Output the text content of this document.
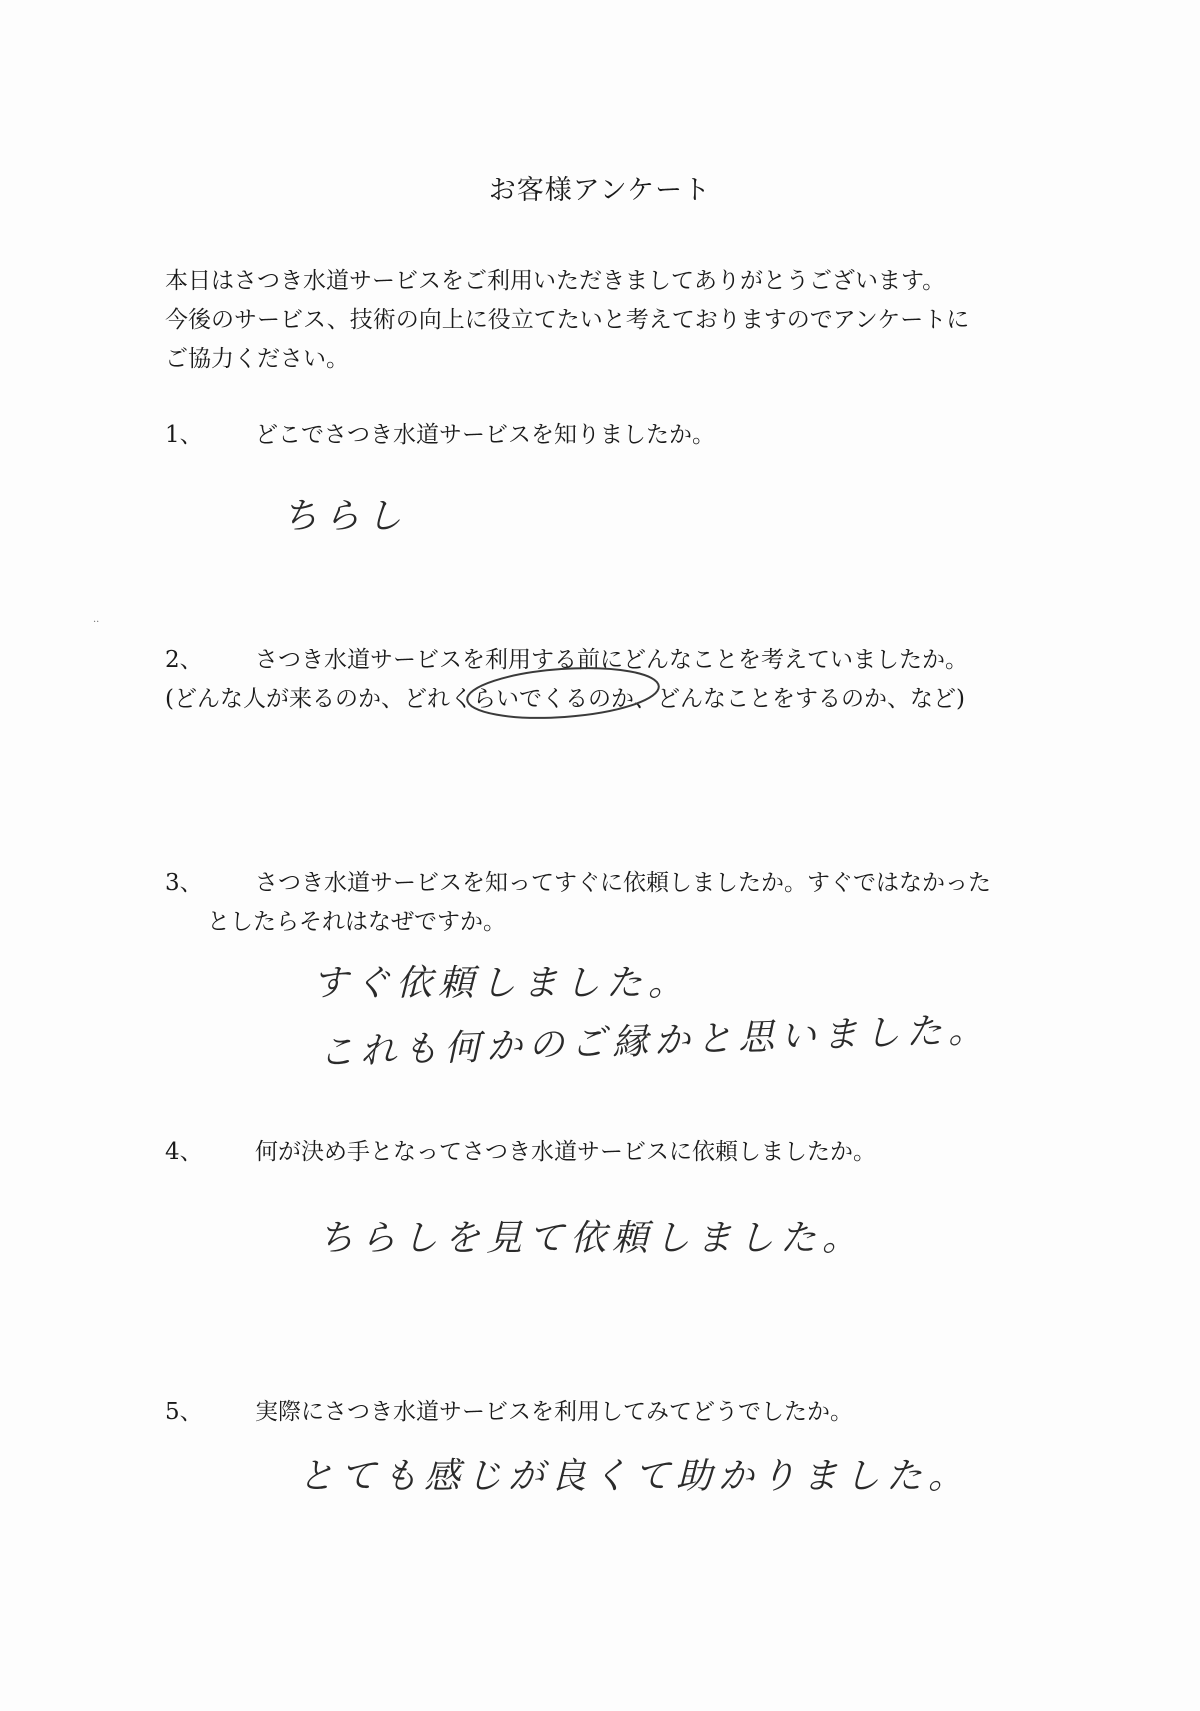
··
お客様アンケート

本日はさつき水道サービスをご利用いただきましてありがとうございます。

今後のサービス、技術の向上に役立てたいと考えておりますのでアンケートに

ご協力ください。

1、 どこでさつき水道サービスを知りましたか。
ちらし
2、 さつき水道サービスを利用する前にどんなことを考えていましたか。
(どんな人が来るのか、どれくらいでくるのか、どんなことをするのか、など)
3、 さつき水道サービスを知ってすぐに依頼しましたか。すぐではなかった
としたらそれはなぜですか。
すぐ依頼しました。
これも何かのご縁かと思いました。
4、 何が決め手となってさつき水道サービスに依頼しましたか。
ちらしを見て依頼しました。
5、 実際にさつき水道サービスを利用してみてどうでしたか。
とても感じが良くて助かりました。
